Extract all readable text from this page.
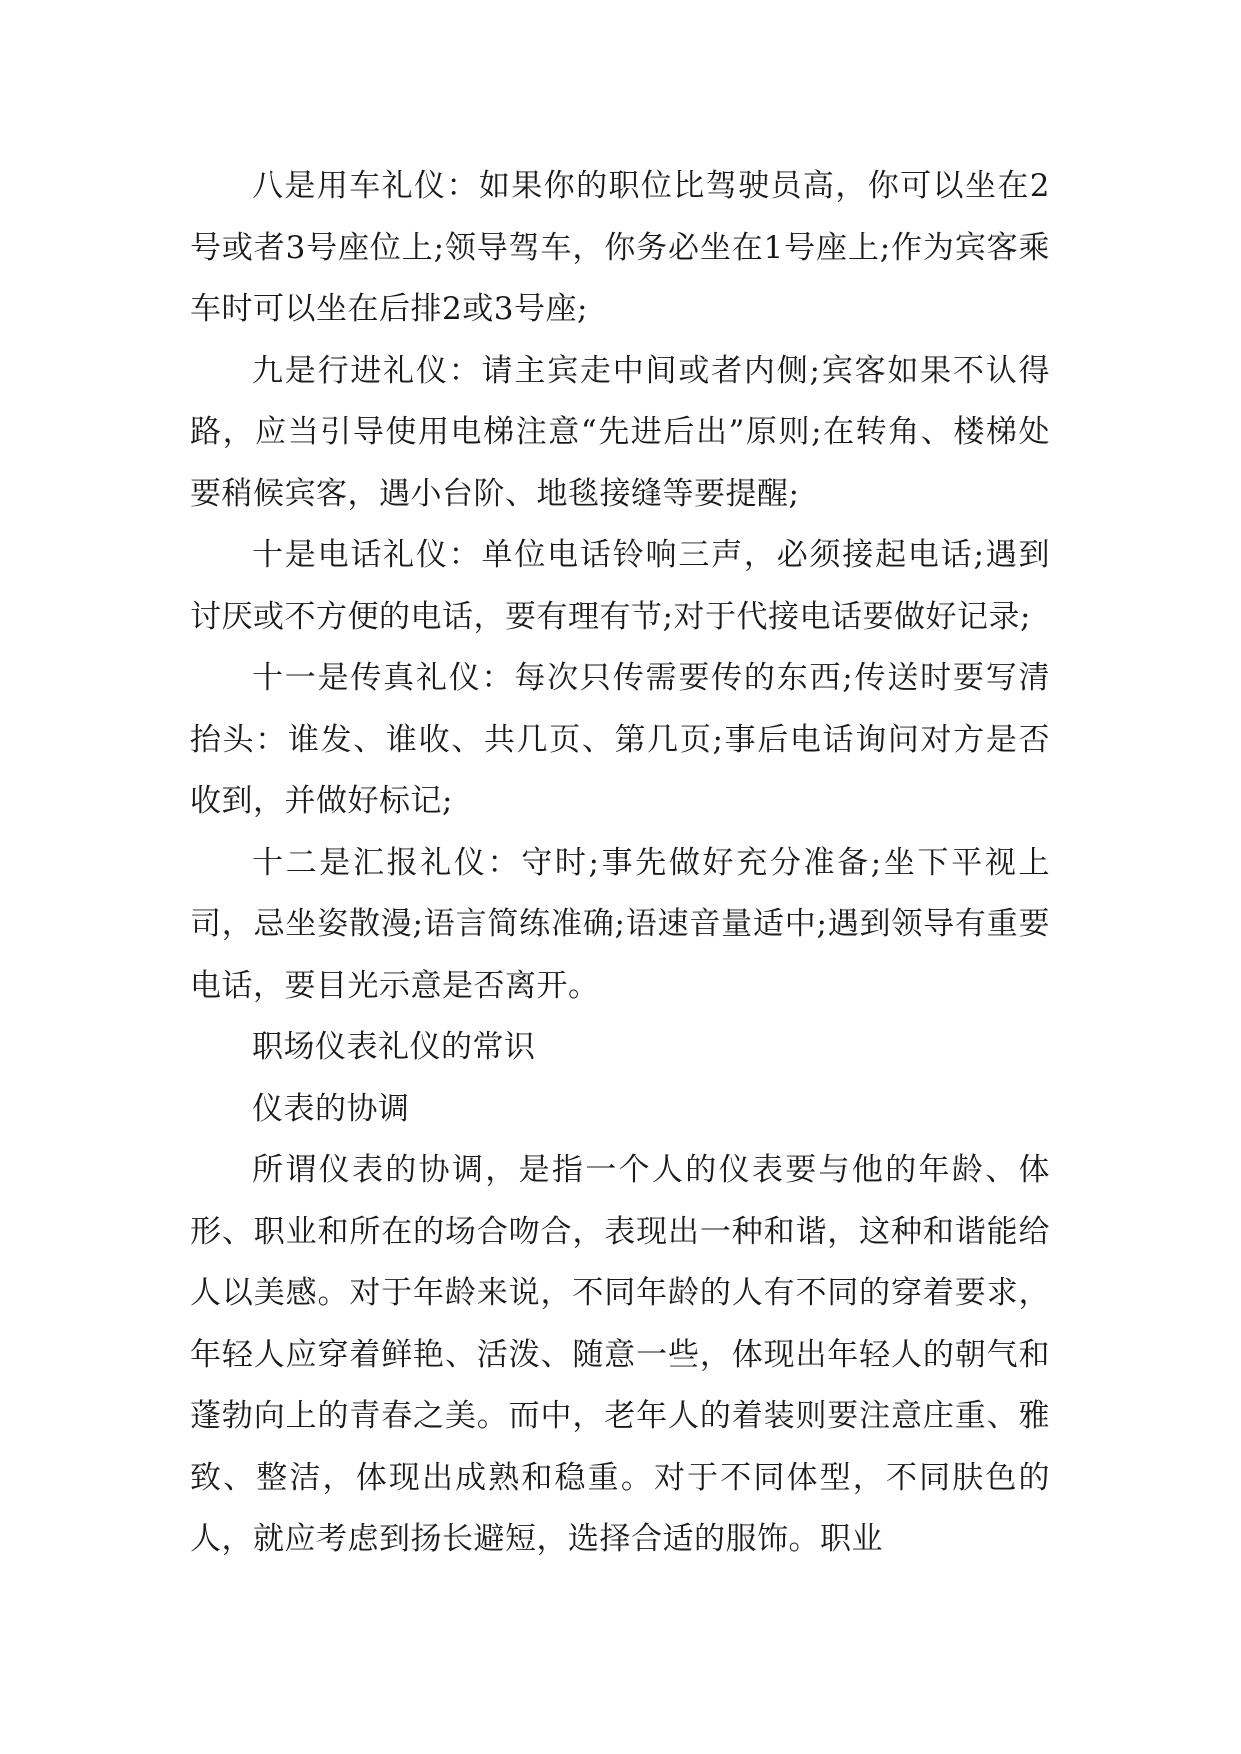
八是用车礼仪：如果你的职位比驾驶员高，你可以坐在2号或者3号座位上;领导驾车，你务必坐在1号座上;作为宾客乘车时可以坐在后排2或3号座;

九是行进礼仪：请主宾走中间或者内侧;宾客如果不认得路，应当引导使用电梯注意“先进后出”原则;在转角、楼梯处要稍候宾客，遇小台阶、地毯接缝等要提醒;

十是电话礼仪：单位电话铃响三声，必须接起电话;遇到讨厌或不方便的电话，要有理有节;对于代接电话要做好记录;

十一是传真礼仪：每次只传需要传的东西;传送时要写清抬头：谁发、谁收、共几页、第几页;事后电话询问对方是否收到，并做好标记;

十二是汇报礼仪：守时;事先做好充分准备;坐下平视上司，忌坐姿散漫;语言简练准确;语速音量适中;遇到领导有重要电话，要目光示意是否离开。

职场仪表礼仪的常识

仪表的协调

所谓仪表的协调，是指一个人的仪表要与他的年龄、体形、职业和所在的场合吻合，表现出一种和谐，这种和谐能给人以美感。对于年龄来说，不同年龄的人有不同的穿着要求，年轻人应穿着鲜艳、活泼、随意一些，体现出年轻人的朝气和蓬勃向上的青春之美。而中，老年人的着装则要注意庄重、雅致、整洁，体现出成熟和稳重。对于不同体型，不同肤色的人，就应考虑到扬长避短，选择合适的服饰。职业
